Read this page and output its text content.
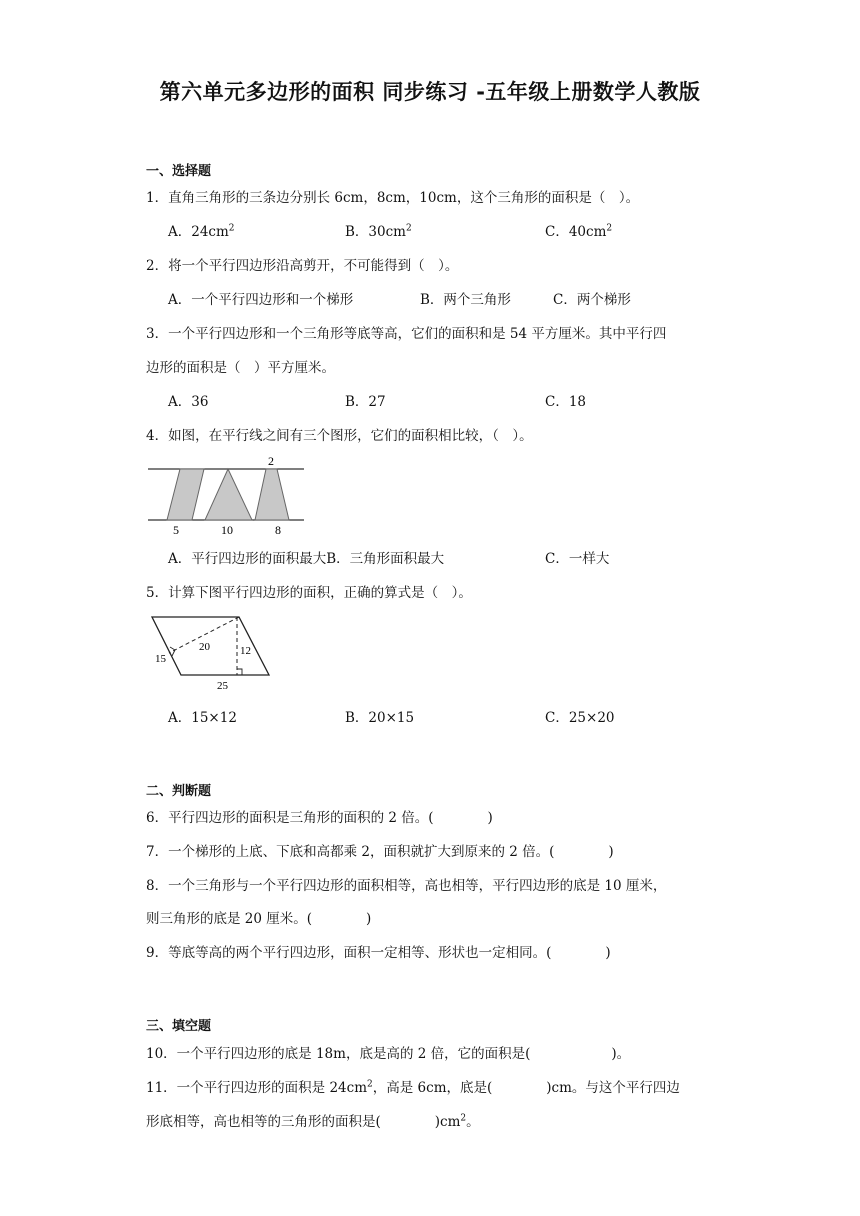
第六单元多边形的面积 同步练习 -五年级上册数学人教版
一、选择题
1．直角三角形的三条边分别长 6cm，8cm，10cm，这个三角形的面积是（　）。
A．$24cm^2$	B．$30cm^2$	C．$40cm^2$
2．将一个平行四边形沿高剪开，不可能得到（　）。
A．一个平行四边形和一个梯形	B．两个三角形	C．两个梯形
3．一个平行四边形和一个三角形等底等高，它们的面积和是 54 平方厘米。其中平行四
边形的面积是（　）平方厘米。
A．36	B．27	C．18
4．如图，在平行线之间有三个图形，它们的面积相比较，（　）。
2
5	10	8
A．平行四边形的面积最大B．三角形面积最大	C．一样大
5．计算下图平行四边形的面积，正确的算式是（　）。
15
20	12
25
A．15×12	B．20×15	C．25×20
二、判断题
6．平行四边形的面积是三角形的面积的 2 倍。(　　　　)
7．一个梯形的上底、下底和高都乘 2，面积就扩大到原来的 2 倍。(　　　　)
8．一个三角形与一个平行四边形的面积相等，高也相等，平行四边形的底是 10 厘米，
则三角形的底是 20 厘米。(　　　　)
9．等底等高的两个平行四边形，面积一定相等、形状也一定相同。(　　　　)
三、填空题
10．一个平行四边形的底是 18m，底是高的 2 倍，它的面积是(　　　　　　)。
11．一个平行四边形的面积是 $24cm^2$，高是 6cm，底是(　　　　)cm。与这个平行四边
形底相等，高也相等的三角形的面积是(　　　　)$cm^2$。
